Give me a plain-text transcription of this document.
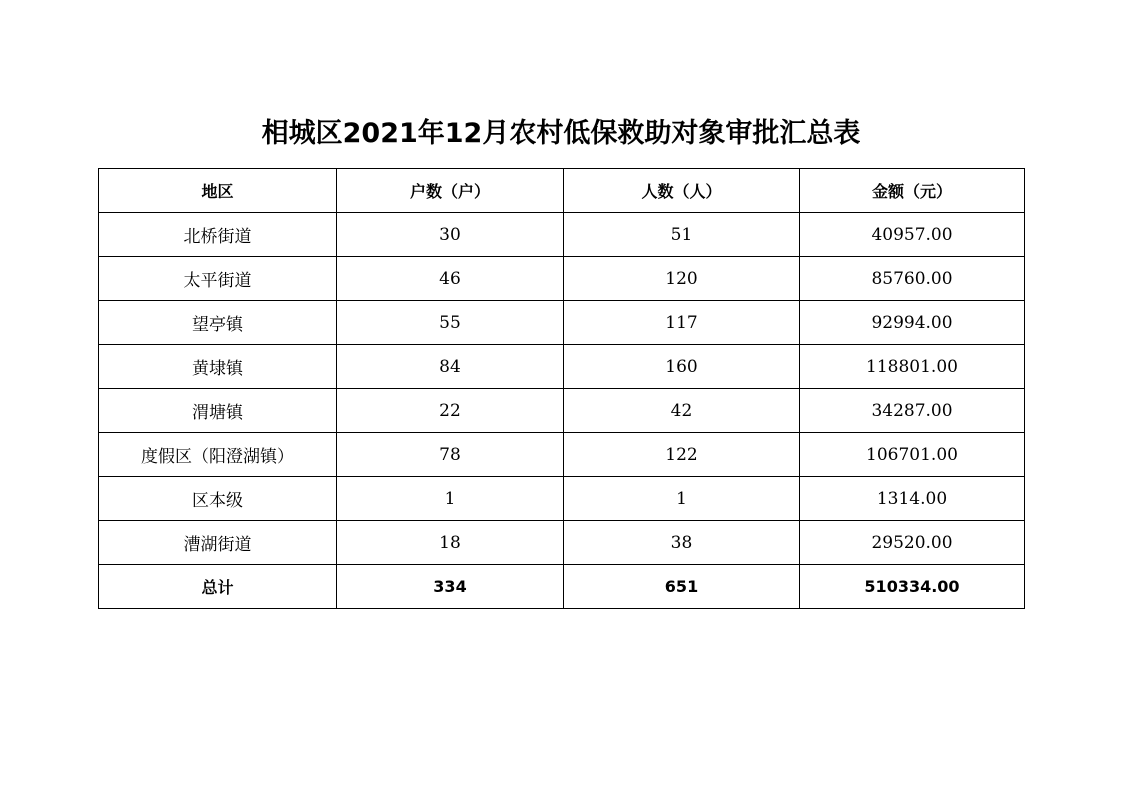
相城区2021年12月农村低保救助对象审批汇总表
地区	户数（户）	人数（人）	金额（元）
北桥街道	30	51	40957.00
太平街道	46	120	85760.00
望亭镇	55	117	92994.00
黄埭镇	84	160	118801.00
渭塘镇	22	42	34287.00
度假区（阳澄湖镇）	78	122	106701.00
区本级	1	1	1314.00
漕湖街道	18	38	29520.00
总计	334	651	510334.00
